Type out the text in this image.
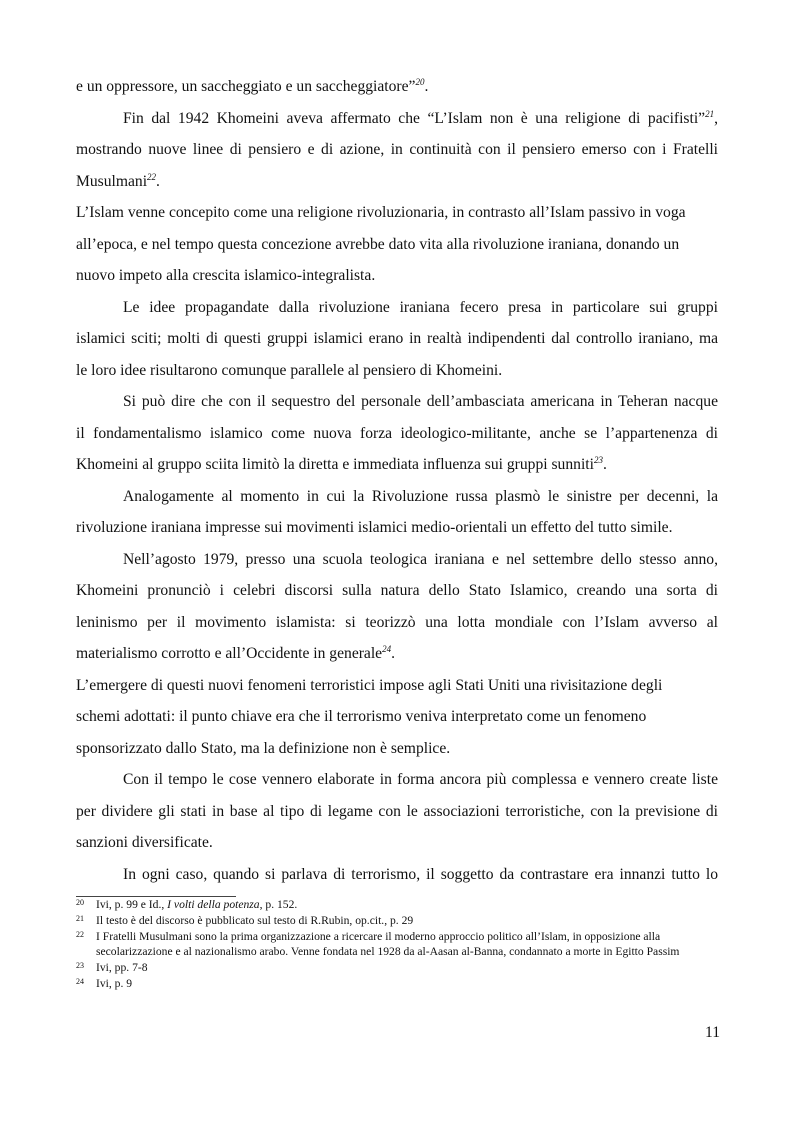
e un oppressore, un saccheggiato e un saccheggiatore”$^{20}$.
Fin dal 1942 Khomeini aveva affermato che “L’Islam non è una religione di pacifisti”$^{21}$,
mostrando nuove linee di pensiero e di azione, in continuità con il pensiero emerso con i Fratelli
Musulmani$^{22}$.
L’Islam venne concepito come una religione rivoluzionaria, in contrasto all’Islam passivo in voga
all’epoca, e nel tempo questa concezione avrebbe dato vita alla rivoluzione iraniana, donando un
nuovo impeto alla crescita islamico-integralista.
Le idee propagandate dalla rivoluzione iraniana fecero presa in particolare sui gruppi
islamici sciti; molti di questi gruppi islamici erano in realtà indipendenti dal controllo iraniano, ma
le loro idee risultarono comunque parallele al pensiero di Khomeini.
Si può dire che con il sequestro del personale dell’ambasciata americana in Teheran nacque
il fondamentalismo islamico come nuova forza ideologico-militante, anche se l’appartenenza di
Khomeini al gruppo sciita limitò la diretta e immediata influenza sui gruppi sunniti$^{23}$.
Analogamente al momento in cui la Rivoluzione russa plasmò le sinistre per decenni, la
rivoluzione iraniana impresse sui movimenti islamici medio-orientali un effetto del tutto simile.
Nell’agosto 1979, presso una scuola teologica iraniana e nel settembre dello stesso anno,
Khomeini pronunciò i celebri discorsi sulla natura dello Stato Islamico, creando una sorta di
leninismo per il movimento islamista: si teorizzò una lotta mondiale con l’Islam avverso al
materialismo corrotto e all’Occidente in generale$^{24}$.
L’emergere di questi nuovi fenomeni terroristici impose agli Stati Uniti una rivisitazione degli
schemi adottati: il punto chiave era che il terrorismo veniva interpretato come un fenomeno
sponsorizzato dallo Stato, ma la definizione non è semplice.
Con il tempo le cose vennero elaborate in forma ancora più complessa e vennero create liste
per dividere gli stati in base al tipo di legame con le associazioni terroristiche, con la previsione di
sanzioni diversificate.
In ogni caso, quando si parlava di terrorismo, il soggetto da contrastare era innanzi tutto lo
20 Ivi, p. 99 e Id., I volti della potenza, p. 152.
21 Il testo è del discorso è pubblicato sul testo di R.Rubin, op.cit., p. 29
22 I Fratelli Musulmani sono la prima organizzazione a ricercare il moderno approccio politico all’Islam, in opposizione alla secolarizzazione e al nazionalismo arabo. Venne fondata nel 1928 da al-Aasan al-Banna, condannato a morte in Egitto Passim
23 Ivi, pp. 7-8
24 Ivi, p. 9
11
